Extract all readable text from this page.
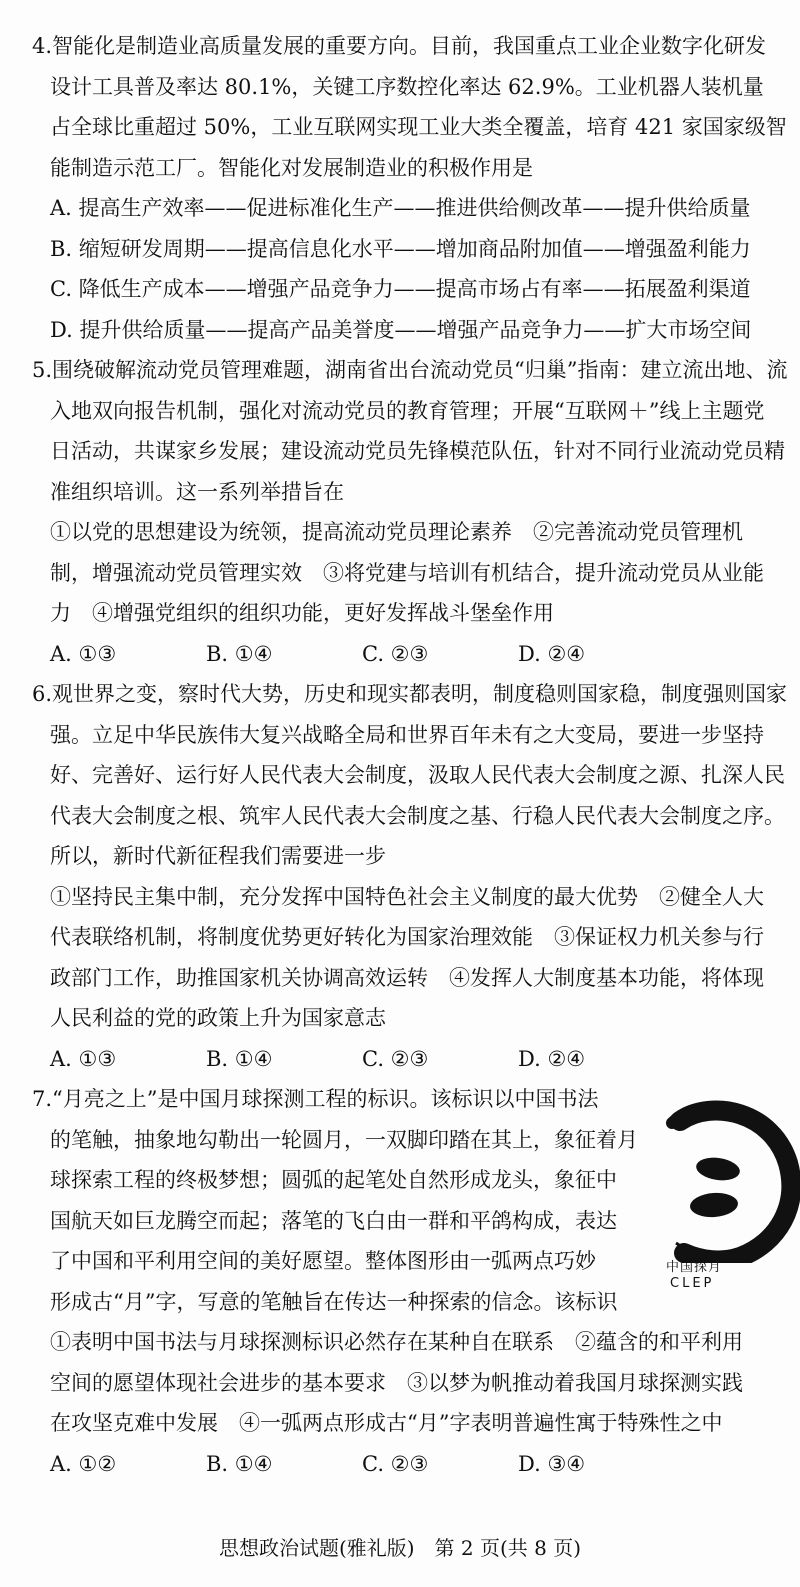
4.智能化是制造业高质量发展的重要方向。目前，我国重点工业企业数字化研发
设计工具普及率达 80.1%，关键工序数控化率达 62.9%。工业机器人装机量
占全球比重超过 50%，工业互联网实现工业大类全覆盖，培育 421 家国家级智
能制造示范工厂。智能化对发展制造业的积极作用是
A. 提高生产效率——促进标准化生产——推进供给侧改革——提升供给质量
B. 缩短研发周期——提高信息化水平——增加商品附加值——增强盈利能力
C. 降低生产成本——增强产品竞争力——提高市场占有率——拓展盈利渠道
D. 提升供给质量——提高产品美誉度——增强产品竞争力——扩大市场空间
5.围绕破解流动党员管理难题，湖南省出台流动党员“归巢”指南：建立流出地、流
入地双向报告机制，强化对流动党员的教育管理；开展“互联网＋”线上主题党
日活动，共谋家乡发展；建设流动党员先锋模范队伍，针对不同行业流动党员精
准组织培训。这一系列举措旨在
①以党的思想建设为统领，提高流动党员理论素养　②完善流动党员管理机
制，增强流动党员管理实效　③将党建与培训有机结合，提升流动党员从业能
力　④增强党组织的组织功能，更好发挥战斗堡垒作用
A. ①③	B. ①④	C. ②③	D. ②④
6.观世界之变，察时代大势，历史和现实都表明，制度稳则国家稳，制度强则国家
强。立足中华民族伟大复兴战略全局和世界百年未有之大变局，要进一步坚持
好、完善好、运行好人民代表大会制度，汲取人民代表大会制度之源、扎深人民
代表大会制度之根、筑牢人民代表大会制度之基、行稳人民代表大会制度之序。
所以，新时代新征程我们需要进一步
①坚持民主集中制，充分发挥中国特色社会主义制度的最大优势　②健全人大
代表联络机制，将制度优势更好转化为国家治理效能　③保证权力机关参与行
政部门工作，助推国家机关协调高效运转　④发挥人大制度基本功能，将体现
人民利益的党的政策上升为国家意志
A. ①③	B. ①④	C. ②③	D. ②④
7.“月亮之上”是中国月球探测工程的标识。该标识以中国书法
的笔触，抽象地勾勒出一轮圆月，一双脚印踏在其上，象征着月
球探索工程的终极梦想；圆弧的起笔处自然形成龙头，象征中
国航天如巨龙腾空而起；落笔的飞白由一群和平鸽构成，表达
了中国和平利用空间的美好愿望。整体图形由一弧两点巧妙
形成古“月”字，写意的笔触旨在传达一种探索的信念。该标识
①表明中国书法与月球探测标识必然存在某种自在联系　②蕴含的和平利用
空间的愿望体现社会进步的基本要求　③以梦为帆推动着我国月球探测实践
在攻坚克难中发展　④一弧两点形成古“月”字表明普遍性寓于特殊性之中
A. ①②	B. ①④	C. ②③	D. ③④
中国探月
CLEP
思想政治试题(雅礼版)　第 2 页(共 8 页)
